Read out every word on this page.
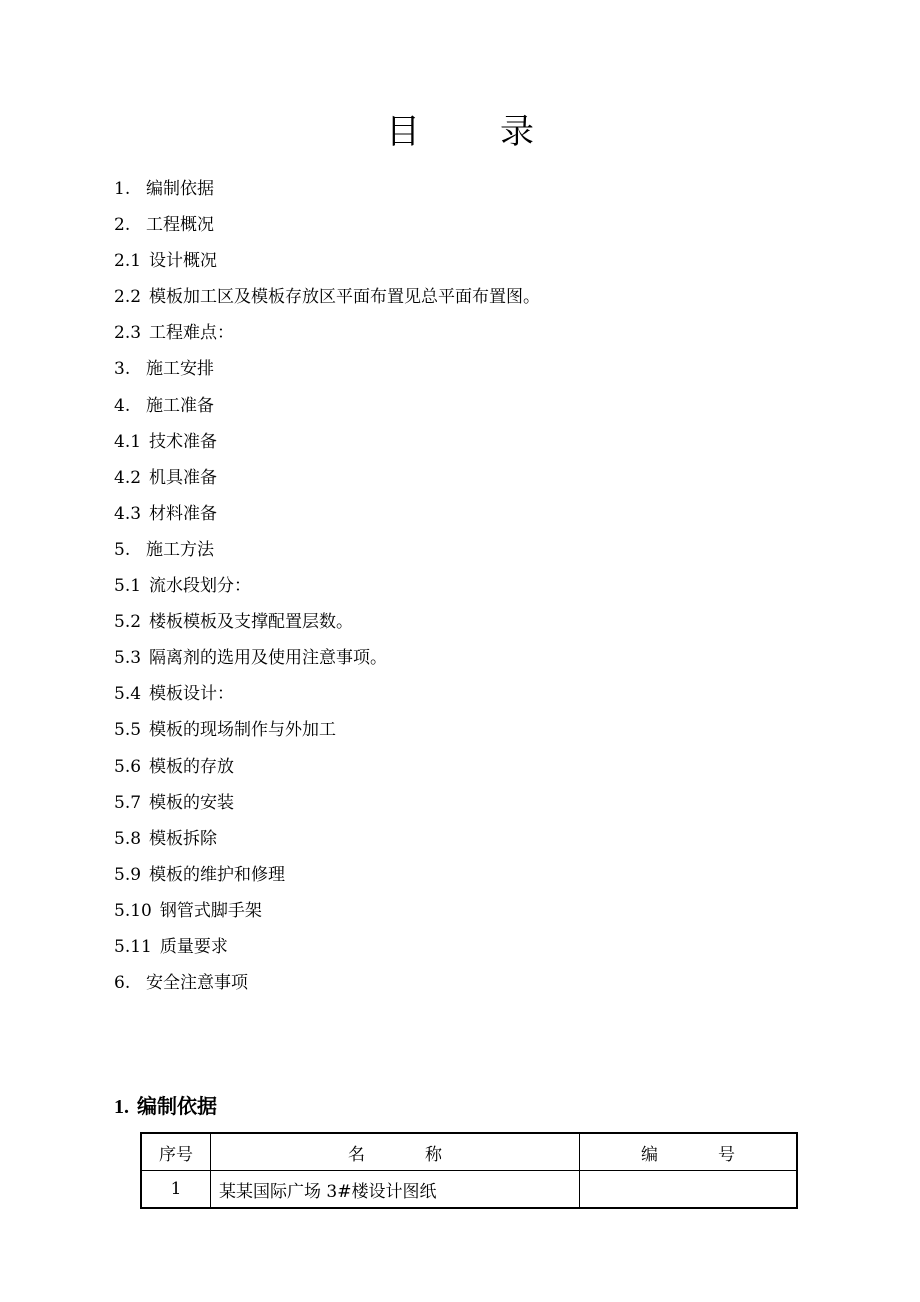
目 录
1. 编制依据
2. 工程概况
2.1 设计概况
2.2 模板加工区及模板存放区平面布置见总平面布置图。
2.3 工程难点：
3. 施工安排
4. 施工准备
4.1 技术准备
4.2 机具准备
4.3 材料准备
5. 施工方法
5.1 流水段划分：
5.2 楼板模板及支撑配置层数。
5.3 隔离剂的选用及使用注意事项。
5.4 模板设计：
5.5 模板的现场制作与外加工
5.6 模板的存放
5.7 模板的安装
5.8 模板拆除
5.9 模板的维护和修理
5.10 钢管式脚手架
5.11 质量要求
6. 安全注意事项
1. 编制依据
序号	名称	编号
1	某某国际广场 3#楼设计图纸	
